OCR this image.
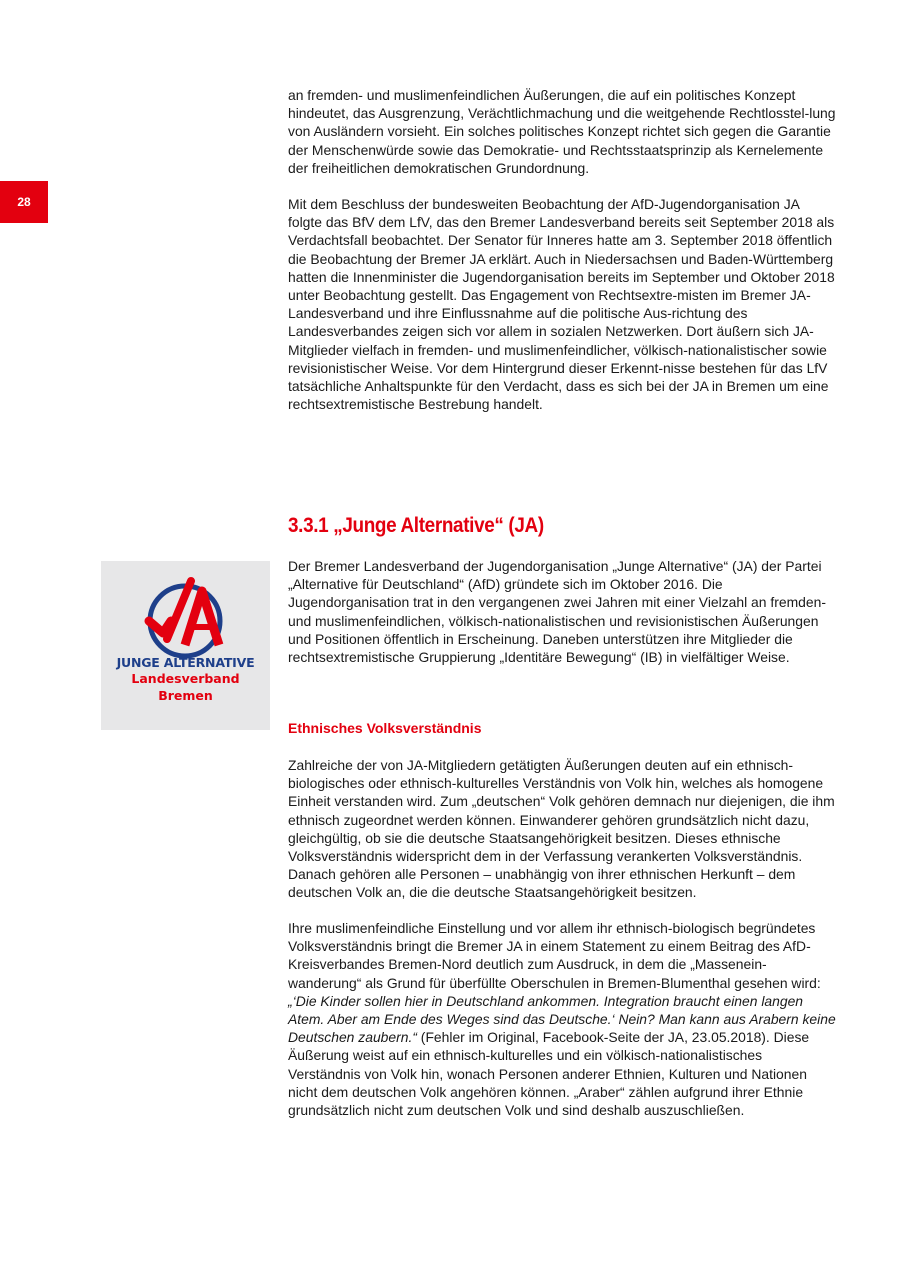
28

an fremden- und muslimenfeindlichen Äußerungen, die auf ein politisches Konzept hindeutet, das Ausgrenzung, Verächtlichmachung und die weitgehende Rechtlosstel-lung von Ausländern vorsieht. Ein solches politisches Konzept richtet sich gegen die Garantie der Menschenwürde sowie das Demokratie- und Rechtsstaatsprinzip als Kernelemente der freiheitlichen demokratischen Grundordnung.

Mit dem Beschluss der bundesweiten Beobachtung der AfD-Jugendorganisation JA folgte das BfV dem LfV, das den Bremer Landesverband bereits seit September 2018 als Verdachtsfall beobachtet. Der Senator für Inneres hatte am 3. September 2018 öffentlich die Beobachtung der Bremer JA erklärt. Auch in Niedersachsen und Baden-Württemberg hatten die Innenminister die Jugendorganisation bereits im September und Oktober 2018 unter Beobachtung gestellt. Das Engagement von Rechtsextre-misten im Bremer JA-Landesverband und ihre Einflussnahme auf die politische Aus-richtung des Landesverbandes zeigen sich vor allem in sozialen Netzwerken. Dort äußern sich JA-Mitglieder vielfach in fremden- und muslimenfeindlicher, völkisch-nationalistischer sowie revisionistischer Weise. Vor dem Hintergrund dieser Erkennt-nisse bestehen für das LfV tatsächliche Anhaltspunkte für den Verdacht, dass es sich bei der JA in Bremen um eine rechtsextremistische Bestrebung handelt.

3.3.1 „Junge Alternative“ (JA)

Der Bremer Landesverband der Jugendorganisation „Junge Alternative“ (JA) der Partei „Alternative für Deutschland“ (AfD) gründete sich im Oktober 2016. Die Jugendorganisation trat in den vergangenen zwei Jahren mit einer Vielzahl an fremden- und muslimenfeindlichen, völkisch-nationalistischen und revisionistischen Äußerungen und Positionen öffentlich in Erscheinung. Daneben unterstützen ihre Mitglieder die rechtsextremistische Gruppierung „Identitäre Bewegung“ (IB) in vielfältiger Weise.

JUNGE ALTERNATIVE
Landesverband
Bremen
Ethnisches Volksverständnis

Zahlreiche der von JA-Mitgliedern getätigten Äußerungen deuten auf ein ethnisch-biologisches oder ethnisch-kulturelles Verständnis von Volk hin, welches als homogene Einheit verstanden wird. Zum „deutschen“ Volk gehören demnach nur diejenigen, die ihm ethnisch zugeordnet werden können. Einwanderer gehören grundsätzlich nicht dazu, gleichgültig, ob sie die deutsche Staatsangehörigkeit besitzen. Dieses ethnische Volksverständnis widerspricht dem in der Verfassung verankerten Volksverständnis. Danach gehören alle Personen – unabhängig von ihrer ethnischen Herkunft – dem deutschen Volk an, die die deutsche Staatsangehörigkeit besitzen.

Ihre muslimenfeindliche Einstellung und vor allem ihr ethnisch-biologisch begründetes Volksverständnis bringt die Bremer JA in einem Statement zu einem Beitrag des AfD-Kreisverbandes Bremen-Nord deutlich zum Ausdruck, in dem die „Massenein-wanderung“ als Grund für überfüllte Oberschulen in Bremen-Blumenthal gesehen wird: „‘Die Kinder sollen hier in Deutschland ankommen. Integration braucht einen langen Atem. Aber am Ende des Weges sind das Deutsche.‘ Nein? Man kann aus Arabern keine Deutschen zaubern.“ (Fehler im Original, Facebook-Seite der JA, 23.05.2018). Diese Äußerung weist auf ein ethnisch-kulturelles und ein völkisch-nationalistisches Verständnis von Volk hin, wonach Personen anderer Ethnien, Kulturen und Nationen nicht dem deutschen Volk angehören können. „Araber“ zählen aufgrund ihrer Ethnie grundsätzlich nicht zum deutschen Volk und sind deshalb auszuschließen.
